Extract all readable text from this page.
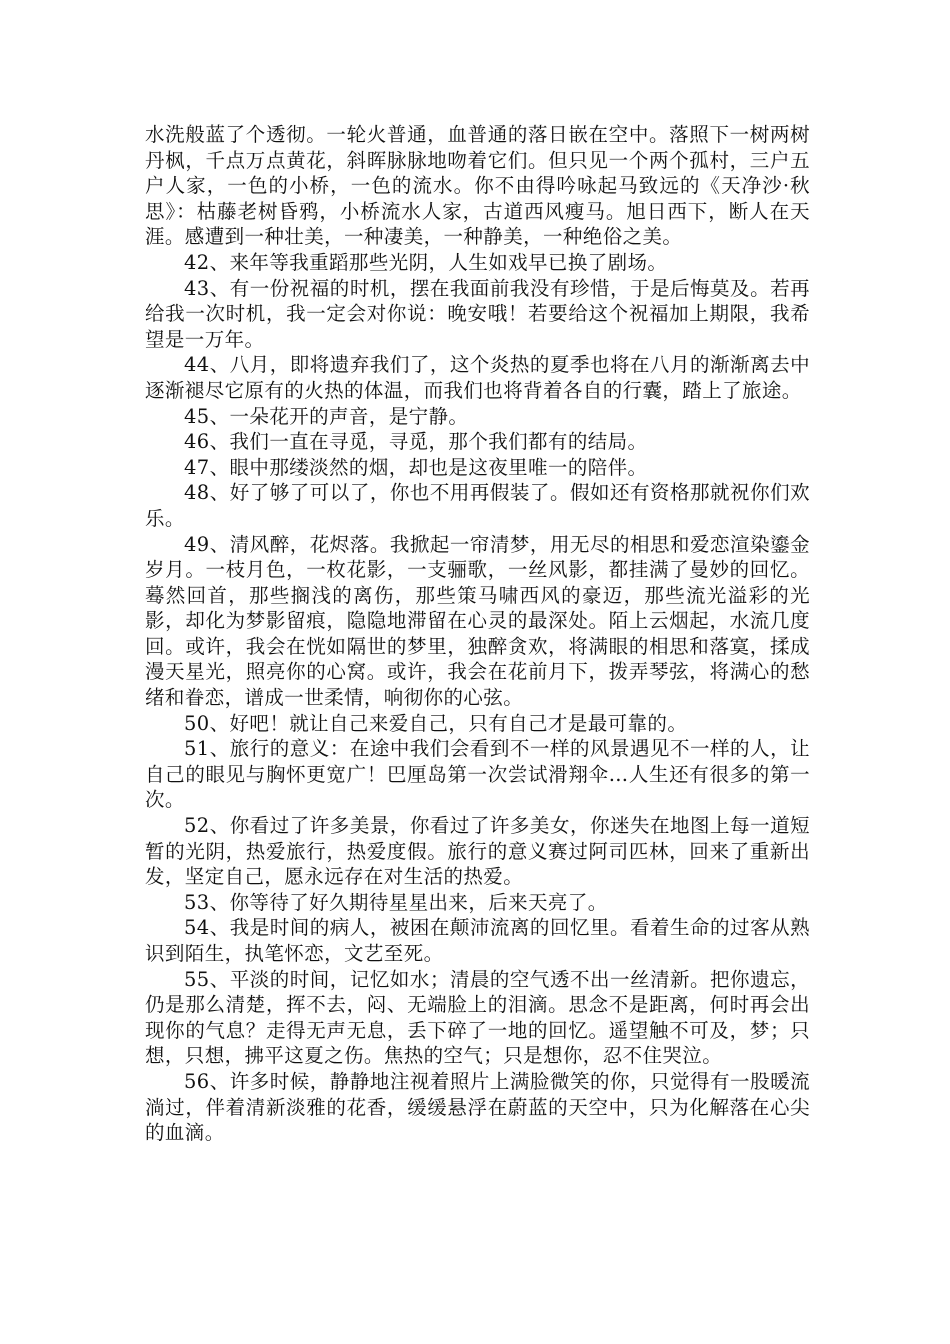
水洗般蓝了个透彻。一轮火普通，血普通的落日嵌在空中。落照下一树两树丹枫，千点万点黄花，斜晖脉脉地吻着它们。但只见一个两个孤村，三户五户人家，一色的小桥，一色的流水。你不由得吟咏起马致远的《天净沙·秋思》：枯藤老树昏鸦，小桥流水人家，古道西风瘦马。旭日西下，断人在天涯。感遭到一种壮美，一种凄美，一种静美，一种绝俗之美。

42、来年等我重蹈那些光阴，人生如戏早已换了剧场。

43、有一份祝福的时机，摆在我面前我没有珍惜，于是后悔莫及。若再给我一次时机，我一定会对你说：晚安哦！若要给这个祝福加上期限，我希望是一万年。

44、八月，即将遗弃我们了，这个炎热的夏季也将在八月的渐渐离去中逐渐褪尽它原有的火热的体温，而我们也将背着各自的行囊，踏上了旅途。

45、一朵花开的声音，是宁静。

46、我们一直在寻觅，寻觅，那个我们都有的结局。

47、眼中那缕淡然的烟，却也是这夜里唯一的陪伴。

48、好了够了可以了，你也不用再假装了。假如还有资格那就祝你们欢乐。

49、清风醉，花烬落。我掀起一帘清梦，用无尽的相思和爱恋渲染鎏金岁月。一枝月色，一枚花影，一支骊歌，一丝风影，都挂满了曼妙的回忆。蓦然回首，那些搁浅的离伤，那些策马啸西风的豪迈，那些流光溢彩的光影，却化为梦影留痕，隐隐地滞留在心灵的最深处。陌上云烟起，水流几度回。或许，我会在恍如隔世的梦里，独醉贪欢，将满眼的相思和落寞，揉成漫天星光，照亮你的心窝。或许，我会在花前月下，拨弄琴弦，将满心的愁绪和眷恋，谱成一世柔情，响彻你的心弦。

50、好吧！就让自己来爱自己，只有自己才是最可靠的。

51、旅行的意义：在途中我们会看到不一样的风景遇见不一样的人，让自己的眼见与胸怀更宽广！巴厘岛第一次尝试滑翔伞…人生还有很多的第一次。

52、你看过了许多美景，你看过了许多美女，你迷失在地图上每一道短暂的光阴，热爱旅行，热爱度假。旅行的意义赛过阿司匹林，回来了重新出发，坚定自己，愿永远存在对生活的热爱。

53、你等待了好久期待星星出来，后来天亮了。

54、我是时间的病人，被困在颠沛流离的回忆里。看着生命的过客从熟识到陌生，执笔怀恋，文艺至死。

55、平淡的时间，记忆如水；清晨的空气透不出一丝清新。把你遗忘，仍是那么清楚，挥不去，闷、无端脸上的泪滴。思念不是距离，何时再会出现你的气息？走得无声无息，丢下碎了一地的回忆。遥望触不可及，梦；只想，只想，拂平这夏之伤。焦热的空气；只是想你，忍不住哭泣。

56、许多时候，静静地注视着照片上满脸微笑的你，只觉得有一股暖流淌过，伴着清新淡雅的花香，缓缓悬浮在蔚蓝的天空中，只为化解落在心尖的血滴。
